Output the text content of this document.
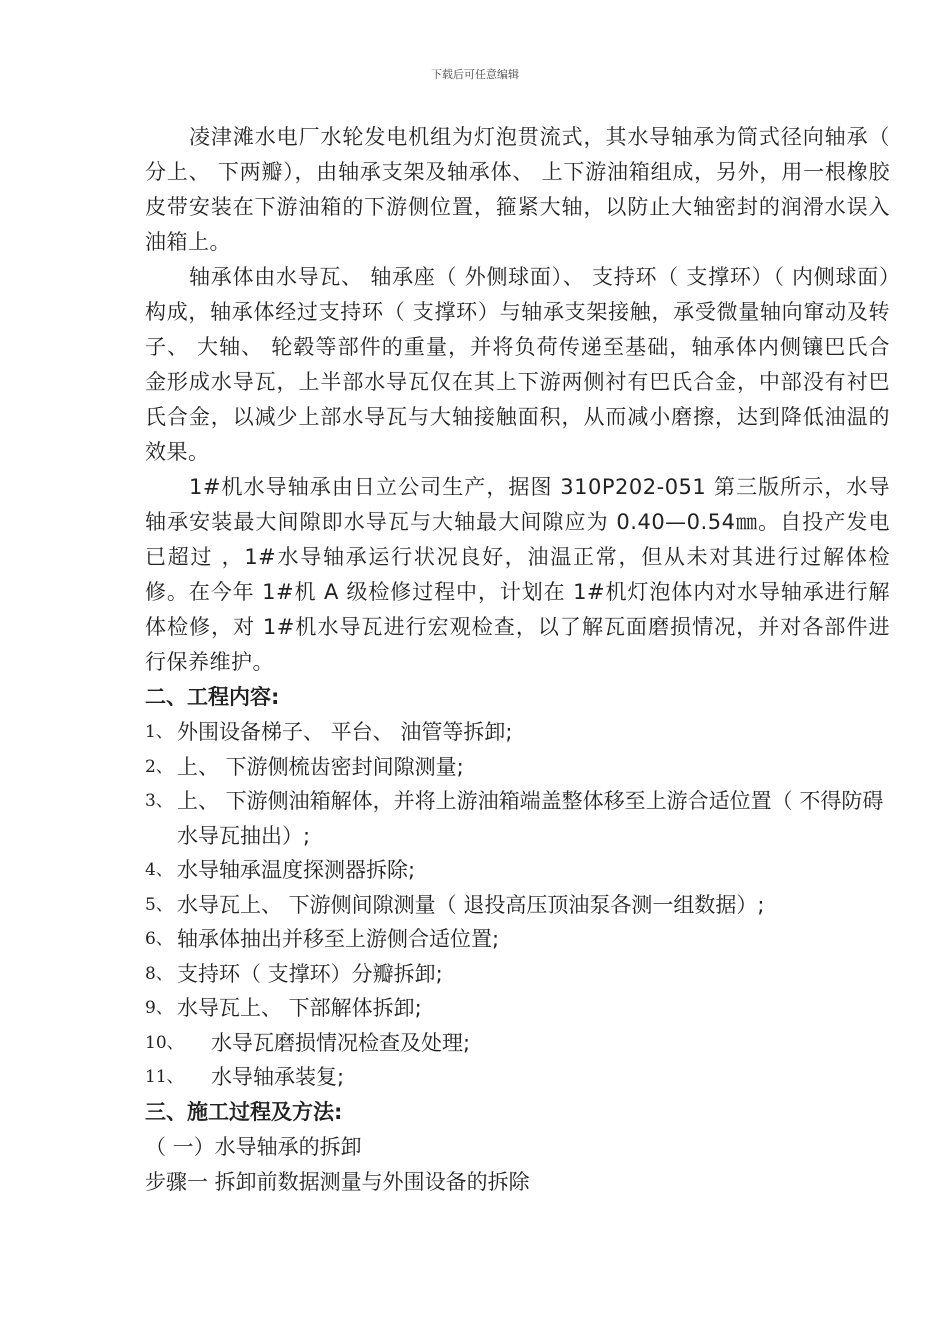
下载后可任意编辑

凌津滩水电厂水轮发电机组为灯泡贯流式，其水导轴承为筒式径向轴承（ 分上、 下两瓣），由轴承支架及轴承体、 上下游油箱组成，另外，用一根橡胶皮带安装在下游油箱的下游侧位置，箍紧大轴，以防止大轴密封的润滑水误入油箱上。

轴承体由水导瓦、 轴承座（ 外侧球面）、 支持环（ 支撑环）（ 内侧球面）构成，轴承体经过支持环（ 支撑环）与轴承支架接触，承受微量轴向窜动及转子、 大轴、 轮毂等部件的重量，并将负荷传递至基础，轴承体内侧镶巴氏合金形成水导瓦，上半部水导瓦仅在其上下游两侧衬有巴氏合金，中部没有衬巴氏合金，以减少上部水导瓦与大轴接触面积，从而减小磨擦，达到降低油温的效果。

1#机水导轴承由日立公司生产，据图 310P202-051 第三版所示，水导轴承安装最大间隙即水导瓦与大轴最大间隙应为 0.40—0.54㎜。自投产发电已超过 ，1#水导轴承运行状况良好，油温正常，但从未对其进行过解体检修。在今年 1#机 A 级检修过程中，计划在 1#机灯泡体内对水导轴承进行解体检修，对 1#机水导瓦进行宏观检查，以了解瓦面磨损情况，并对各部件进行保养维护。

二、工程内容:

1、 外围设备梯子、 平台、 油管等拆卸;
2、 上、 下游侧梳齿密封间隙测量;
3、 上、 下游侧油箱解体，并将上游油箱端盖整体移至上游合适位置（ 不得防碍水导瓦抽出）;
4、 水导轴承温度探测器拆除;
5、 水导瓦上、 下游侧间隙测量（ 退投高压顶油泵各测一组数据）;
6、 轴承体抽出并移至上游侧合适位置;
8、 支持环（ 支撑环）分瓣拆卸;
9、 水导瓦上、 下部解体拆卸;
10、	水导瓦磨损情况检查及处理;
11、	水导轴承装复;

三、施工过程及方法:

（ 一）水导轴承的拆卸

步骤一 拆卸前数据测量与外围设备的拆除
